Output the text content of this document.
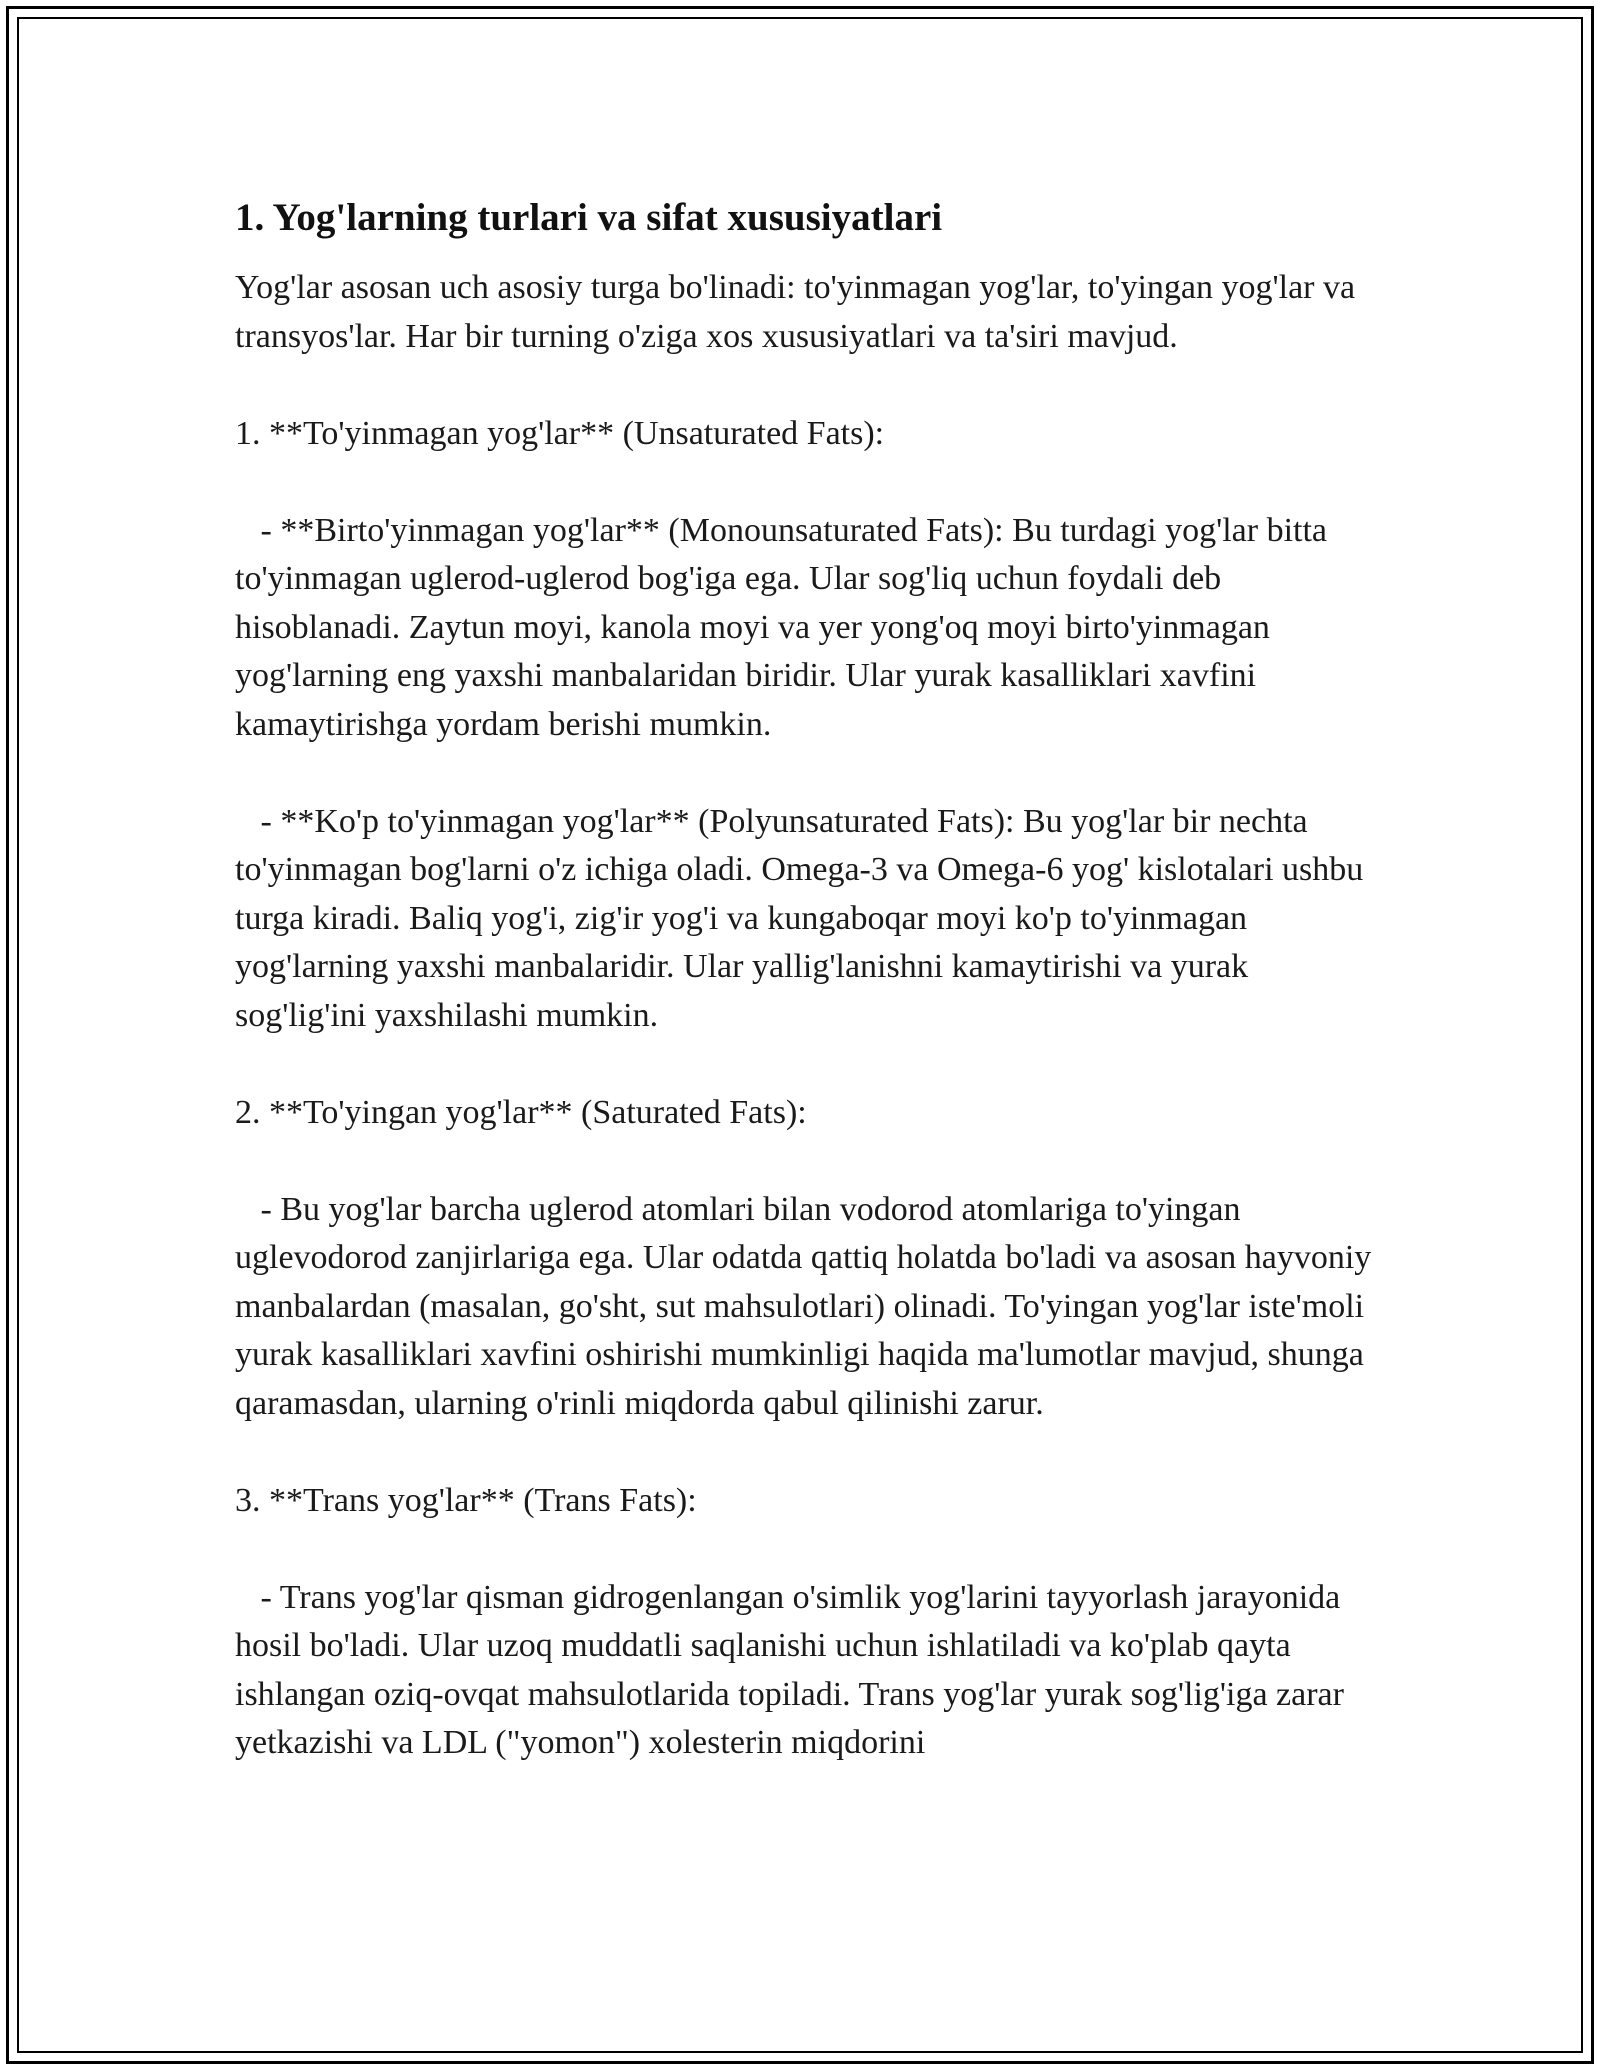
1. Yog'larning turlari va sifat xususiyatlari

Yog'lar asosan uch asosiy turga bo'linadi: to'yinmagan yog'lar, to'yingan yog'lar va transyos'lar. Har bir turning o'ziga xos xususiyatlari va ta'siri mavjud.

1. **To'yinmagan yog'lar** (Unsaturated Fats):

- **Birto'yinmagan yog'lar** (Monounsaturated Fats): Bu turdagi yog'lar bitta to'yinmagan uglerod-uglerod bog'iga ega. Ular sog'liq uchun foydali deb hisoblanadi. Zaytun moyi, kanola moyi va yer yong'oq moyi birto'yinmagan yog'larning eng yaxshi manbalaridan biridir. Ular yurak kasalliklari xavfini kamaytirishga yordam berishi mumkin.

- **Ko'p to'yinmagan yog'lar** (Polyunsaturated Fats): Bu yog'lar bir nechta to'yinmagan bog'larni o'z ichiga oladi. Omega-3 va Omega-6 yog' kislotalari ushbu turga kiradi. Baliq yog'i, zig'ir yog'i va kungaboqar moyi ko'p to'yinmagan yog'larning yaxshi manbalaridir. Ular yallig'lanishni kamaytirishi va yurak sog'lig'ini yaxshilashi mumkin.

2. **To'yingan yog'lar** (Saturated Fats):

- Bu yog'lar barcha uglerod atomlari bilan vodorod atomlariga to'yingan uglevodorod zanjirlariga ega. Ular odatda qattiq holatda bo'ladi va asosan hayvoniy manbalardan (masalan, go'sht, sut mahsulotlari) olinadi. To'yingan yog'lar iste'moli yurak kasalliklari xavfini oshirishi mumkinligi haqida ma'lumotlar mavjud, shunga qaramasdan, ularning o'rinli miqdorda qabul qilinishi zarur.

3. **Trans yog'lar** (Trans Fats):

- Trans yog'lar qisman gidrogenlangan o'simlik yog'larini tayyorlash jarayonida hosil bo'ladi. Ular uzoq muddatli saqlanishi uchun ishlatiladi va ko'plab qayta ishlangan oziq-ovqat mahsulotlarida topiladi. Trans yog'lar yurak sog'lig'iga zarar yetkazishi va LDL ("yomon") xolesterin miqdorini
